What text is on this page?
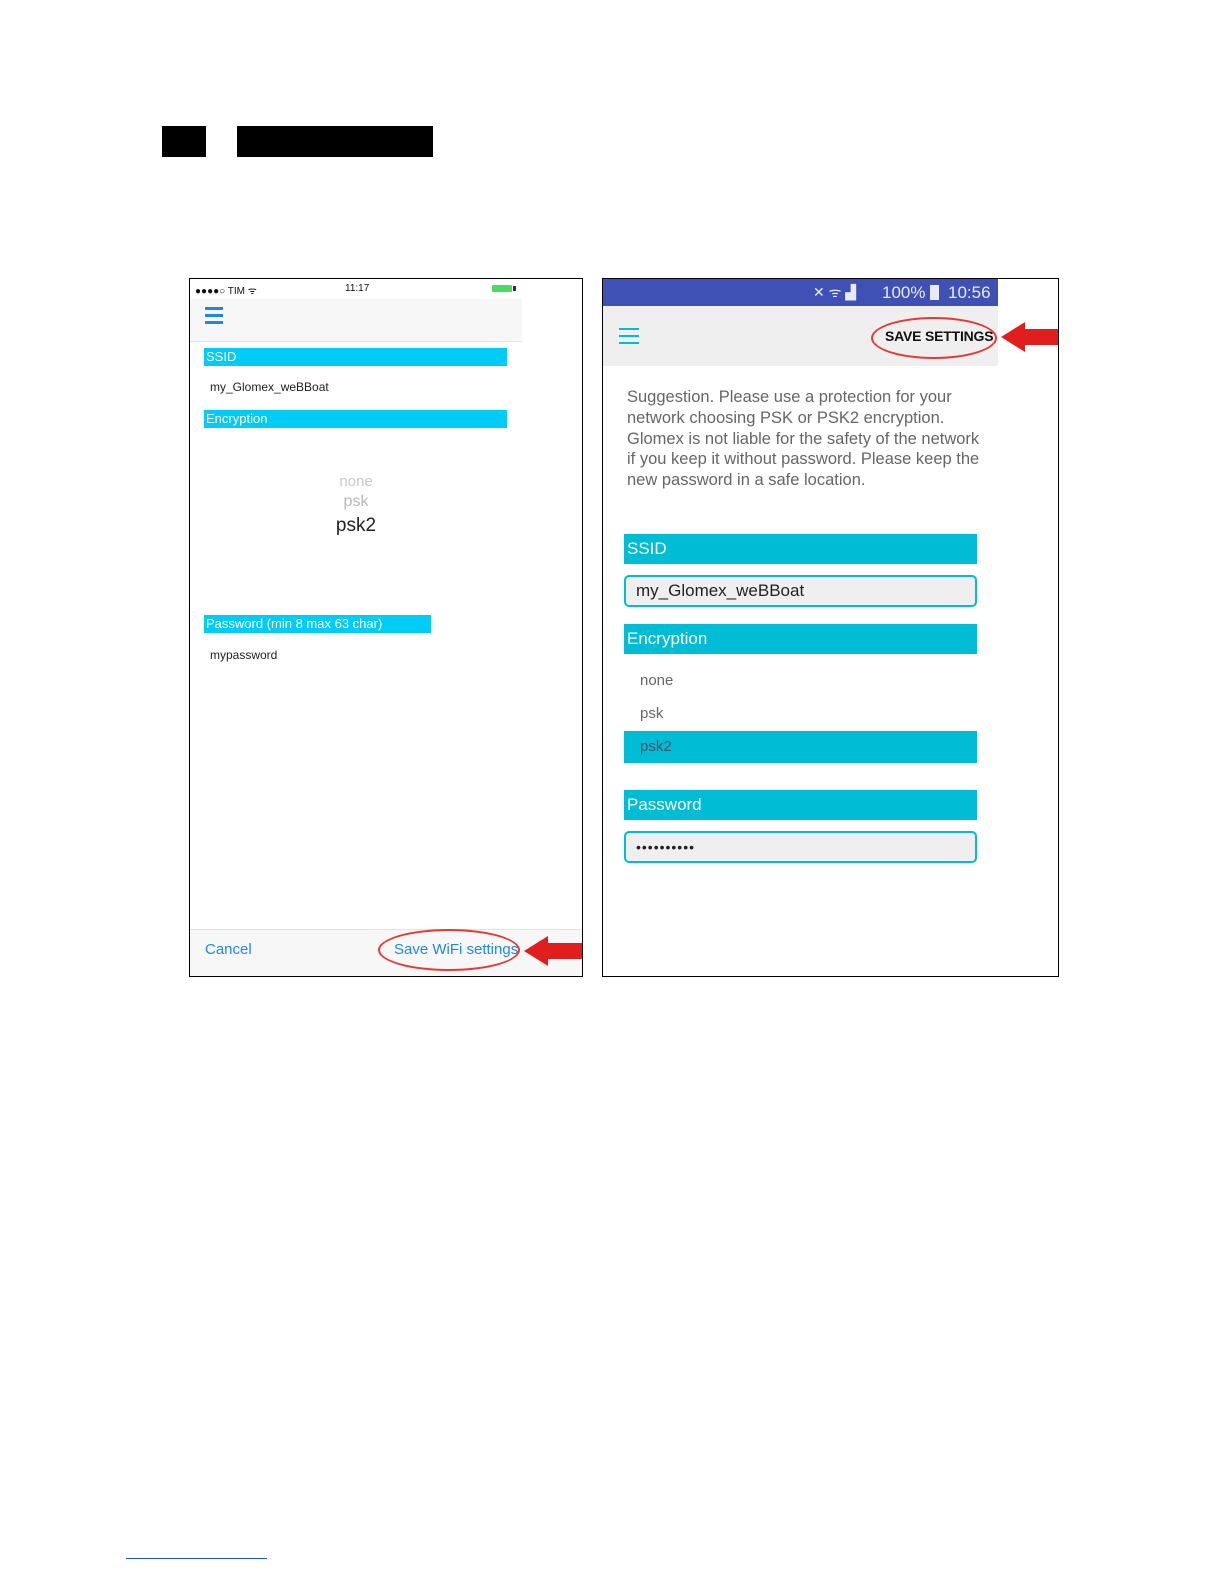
●●●●○ TIM ᯤ	11:17
SSID
my_Glomex_weBBoat
Encryption
none
psk
psk2
Password (min 8 max 63 char)
mypassword
Cancel	Save WiFi settings
✕ ᯤ ▟ 100% 10:56
SAVE SETTINGS
Suggestion. Please use a protection for your network choosing PSK or PSK2 encryption. Glomex is not liable for the safety of the network if you keep it without password. Please keep the new password in a safe location.
SSID
my_Glomex_weBBoat
Encryption
none
psk
psk2
Password
••••••••••
